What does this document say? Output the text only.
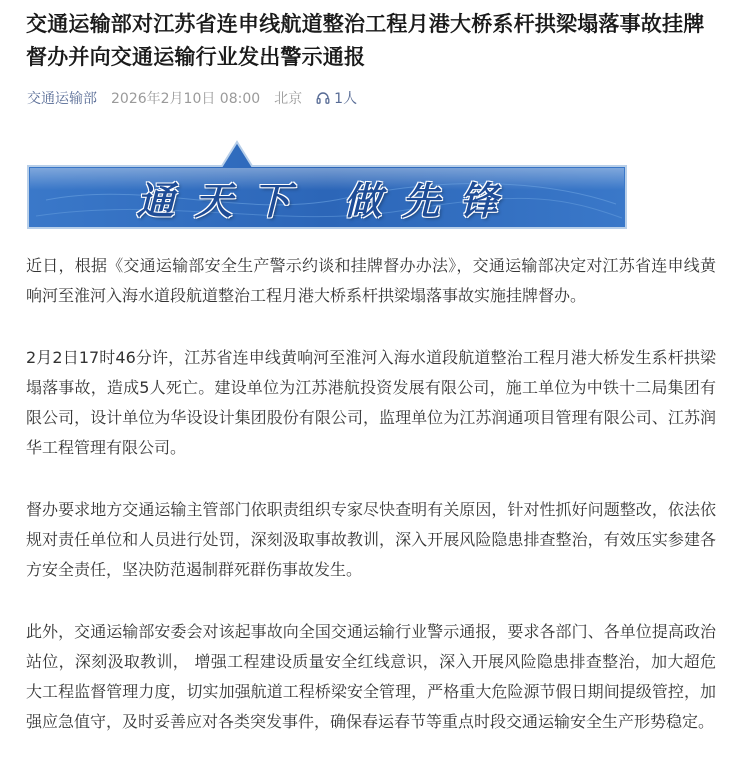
交通运输部对江苏省连申线航道整治工程月港大桥系杆拱梁塌落事故挂牌督办并向交通运输行业发出警示通报
交通运输部 2026年2月10日 08:00 北京 1人
通天下 做先锋

近日，根据《交通运输部安全生产警示约谈和挂牌督办办法》，交通运输部决定对江苏省连申线黄响河至淮河入海水道段航道整治工程月港大桥系杆拱梁塌落事故实施挂牌督办。

2月2日17时46分许，江苏省连申线黄响河至淮河入海水道段航道整治工程月港大桥发生系杆拱梁塌落事故，造成5人死亡。建设单位为江苏港航投资发展有限公司，施工单位为中铁十二局集团有限公司，设计单位为华设设计集团股份有限公司，监理单位为江苏润通项目管理有限公司、江苏润华工程管理有限公司。

督办要求地方交通运输主管部门依职责组织专家尽快查明有关原因，针对性抓好问题整改，依法依规对责任单位和人员进行处罚，深刻汲取事故教训，深入开展风险隐患排查整治，有效压实参建各方安全责任，坚决防范遏制群死群伤事故发生。

此外，交通运输部安委会对该起事故向全国交通运输行业警示通报，要求各部门、各单位提高政治站位，深刻汲取教训， 增强工程建设质量安全红线意识，深入开展风险隐患排查整治，加大超危大工程监督管理力度，切实加强航道工程桥梁安全管理，严格重大危险源节假日期间提级管控，加强应急值守，及时妥善应对各类突发事件，确保春运春节等重点时段交通运输安全生产形势稳定。
